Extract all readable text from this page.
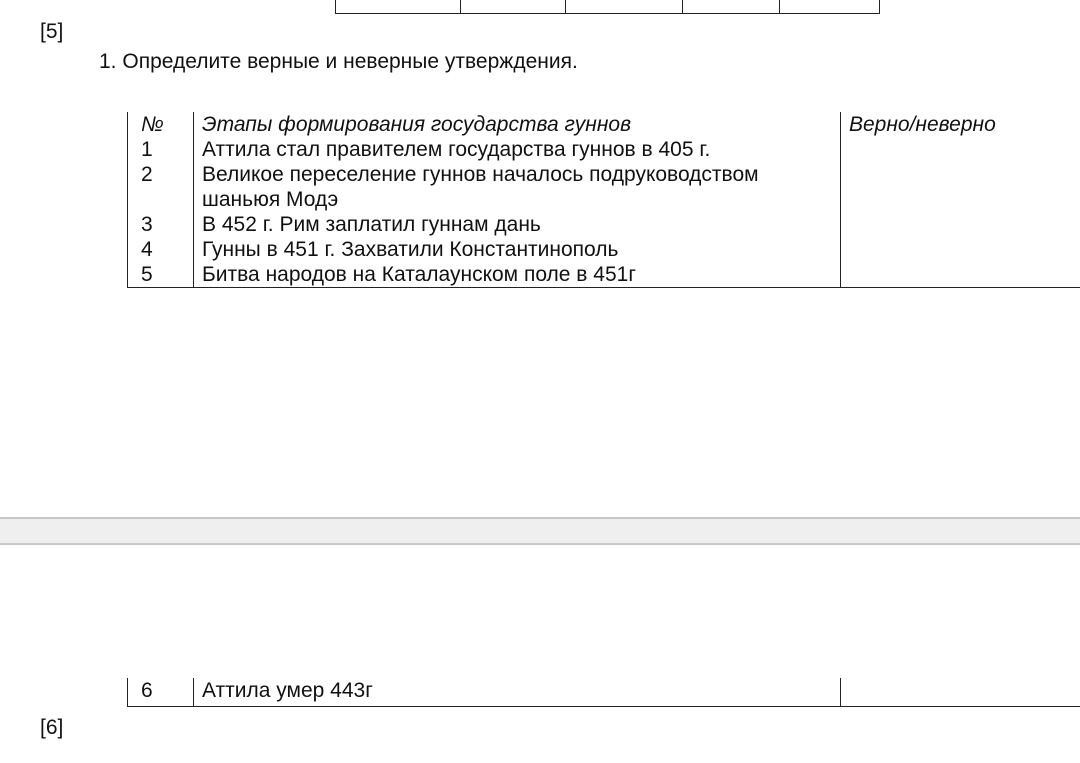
[5]
1. Определите верные и неверные утверждения.
№	Этапы формирования государства гуннов	Верно/неверно
1	Аттила стал правителем государства гуннов в 405 г.	
2	Великое переселение гуннов началось подруководством шаньюя Модэ	
3	В 452 г. Рим заплатил гуннам дань	
4	Гунны в 451 г. Захватили Константинополь	
5	Битва народов на Каталаунском поле в 451г	
6	Аттила умер 443г	
[6]
